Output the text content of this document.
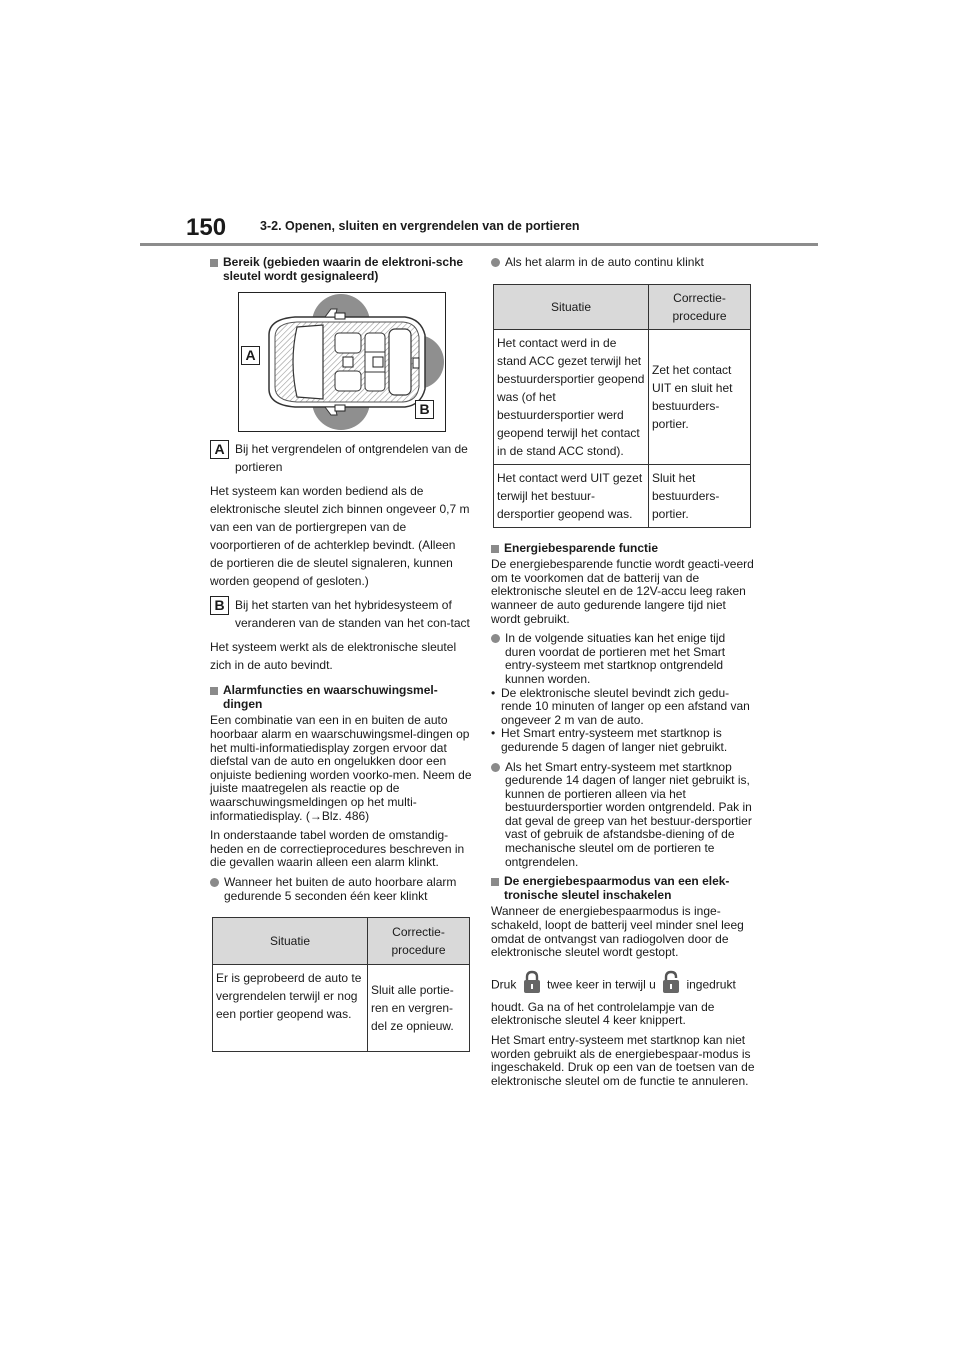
150	3-2. Openen, sluiten en vergrendelen van de portieren
Bereik (gebieden waarin de elektroni-sche sleutel wordt gesignaleerd)
A
B
A Bij het vergrendelen of ontgrendelen van de portieren

Het systeem kan worden bediend als de elektronische sleutel zich binnen ongeveer 0,7 m van een van de portiergrepen van de voorportieren of de achterklep bevindt. (Alleen de portieren die de sleutel signaleren, kunnen worden geopend of gesloten.)

B Bij het starten van het hybridesysteem of veranderen van de standen van het con-tact

Het systeem werkt als de elektronische sleutel zich in de auto bevindt.

Alarmfuncties en waarschuwingsmel-dingen

Een combinatie van een in en buiten de auto hoorbaar alarm en waarschuwingsmel-dingen op het multi-informatiedisplay zorgen ervoor dat diefstal van de auto en ongelukken door een onjuiste bediening worden voorko-men. Neem de juiste maatregelen als reactie op de waarschuwingsmeldingen op het multi-informatiedisplay. (→Blz. 486)

In onderstaande tabel worden de omstandig-heden en de correctieprocedures beschreven in die gevallen waarin alleen een alarm klinkt.

Wanneer het buiten de auto hoorbare alarm gedurende 5 seconden één keer klinkt
Situatie	Correctie-procedure
Er is geprobeerd de auto te vergrendelen terwijl er nog een portier geopend was.	Sluit alle portie-ren en vergren-del ze opnieuw.
Als het alarm in de auto continu klinkt
Situatie	Correctie-procedure
Het contact werd in de stand ACC gezet terwijl het bestuurdersportier geopend was (of het bestuurdersportier werd geopend terwijl het contact in de stand ACC stond).	Zet het contact UIT en sluit het bestuurders-portier.
Het contact werd UIT gezet terwijl het bestuur-dersportier geopend was.	Sluit het bestuurders-portier.
Energiebesparende functie

De energiebesparende functie wordt geacti-veerd om te voorkomen dat de batterij van de elektronische sleutel en de 12V-accu leeg raken wanneer de auto gedurende langere tijd niet wordt gebruikt.

In de volgende situaties kan het enige tijd duren voordat de portieren met het Smart entry-systeem met startknop ontgrendeld kunnen worden.
• De elektronische sleutel bevindt zich gedu-rende 10 minuten of langer op een afstand van ongeveer 2 m van de auto.
• Het Smart entry-systeem met startknop is gedurende 5 dagen of langer niet gebruikt.
Als het Smart entry-systeem met startknop gedurende 14 dagen of langer niet gebruikt is, kunnen de portieren alleen via het bestuurdersportier worden ontgrendeld. Pak in dat geval de greep van het bestuur-dersportier vast of gebruik de afstandsbe-diening of de mechanische sleutel om de portieren te ontgrendelen.
De energiebespaarmodus van een elek-tronische sleutel inschakelen

Wanneer de energiebespaarmodus is inge-schakeld, loopt de batterij veel minder snel leeg omdat de ontvangst van radiogolven door de elektronische sleutel wordt gestopt.

Druk	twee keer in terwijl u	ingedrukt

houdt. Ga na of het controlelampje van de elektronische sleutel 4 keer knippert.

Het Smart entry-systeem met startknop kan niet worden gebruikt als de energiebespaar-modus is ingeschakeld. Druk op een van de toetsen van de elektronische sleutel om de functie te annuleren.
